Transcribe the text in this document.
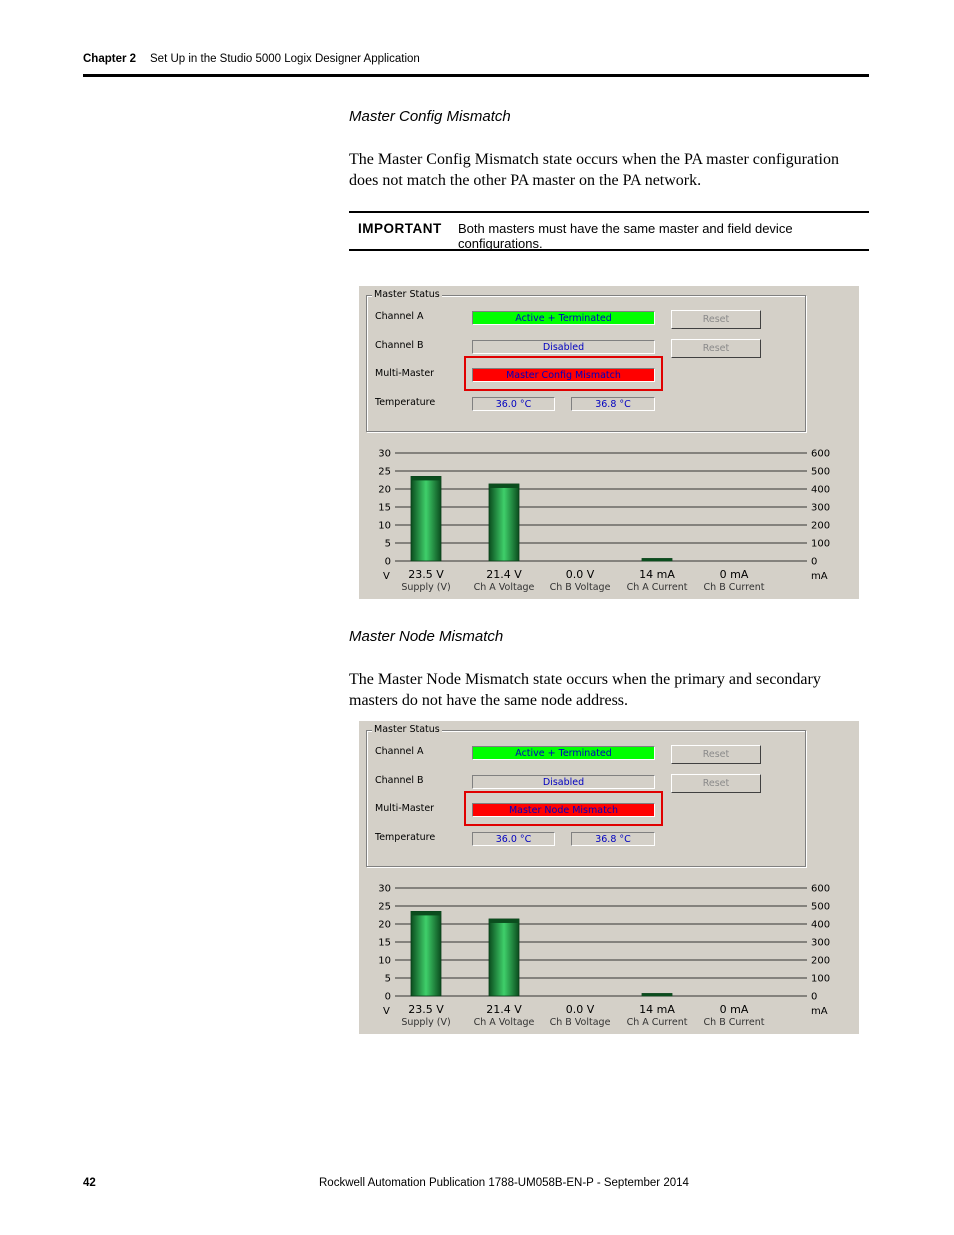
Chapter 2 Set Up in the Studio 5000 Logix Designer Application
Master Config Mismatch
The Master Config Mismatch state occurs when the PA master configuration
does not match the other PA master on the PA network.
IMPORTANT Both masters must have the same master and field device configurations.
Master Status
Channel A	Active + Terminated	Reset
Channel B	Disabled	Reset
Multi-Master	Master Config Mismatch
Temperature	36.0 °C	36.8 °C
30	600
25	500
20	400
15	300
10	200
5	100
0	0
V	mA
23.5 V
Supply (V)
21.4 V
Ch A Voltage
0.0 V
Ch B Voltage
14 mA
Ch A Current
0 mA
Ch B Current
Master Node Mismatch
The Master Node Mismatch state occurs when the primary and secondary
masters do not have the same node address.
Master Status
Channel A	Active + Terminated	Reset
Channel B	Disabled	Reset
Multi-Master	Master Node Mismatch
Temperature	36.0 °C	36.8 °C
30	600
25	500
20	400
15	300
10	200
5	100
0	0
V	mA
23.5 V
Supply (V)
21.4 V
Ch A Voltage
0.0 V
Ch B Voltage
14 mA
Ch A Current
0 mA
Ch B Current
42	Rockwell Automation Publication 1788-UM058B-EN-P - September 2014
